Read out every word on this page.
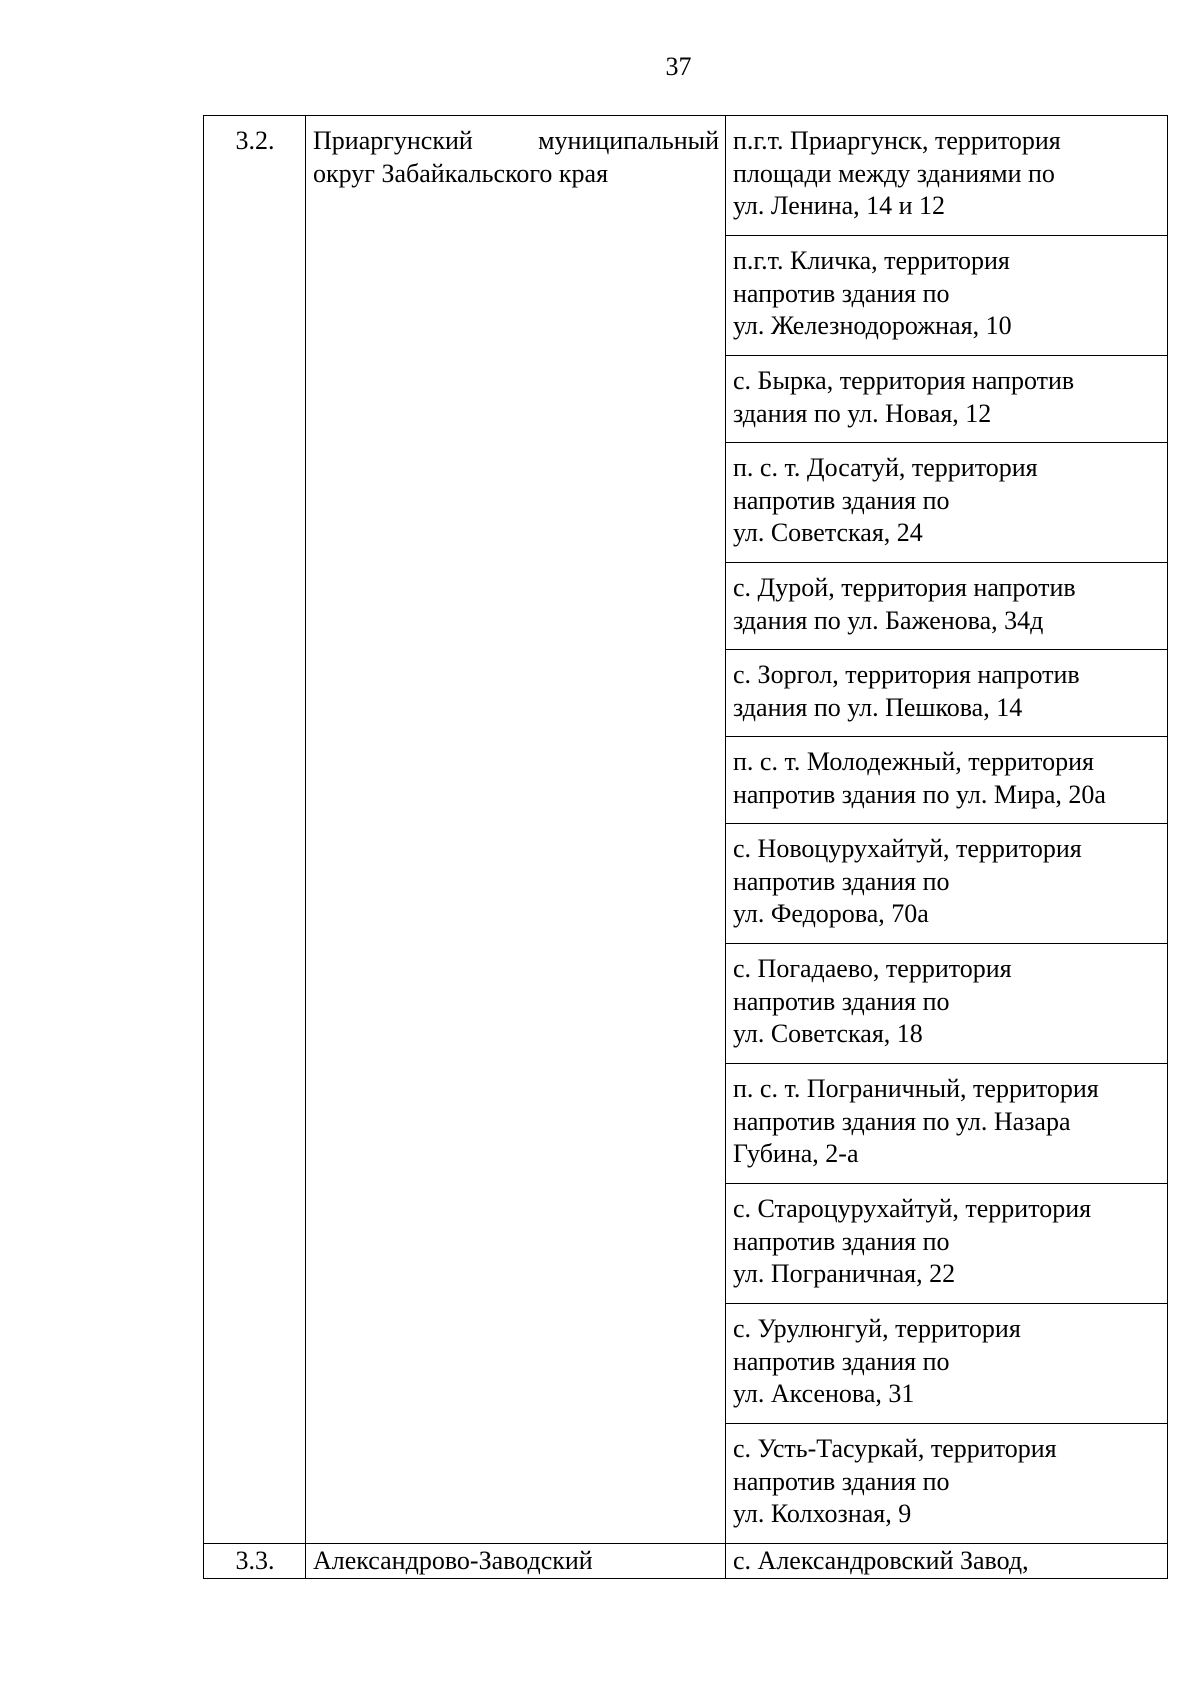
37
3.2.	Приаргунский муниципальный
округ Забайкальского края	п.г.т. Приаргунск, территория
площади между зданиями по
ул. Ленина, 14 и 12

		п.г.т. Кличка, территория
напротив здания по
ул. Железнодорожная, 10

		с. Бырка, территория напротив
здания по ул. Новая, 12

		п. с. т. Досатуй, территория
напротив здания по
ул. Советская, 24

		с. Дурой, территория напротив
здания по ул. Баженова, 34д

		с. Зоргол, территория напротив
здания по ул. Пешкова, 14

		п. с. т. Молодежный, территория
напротив здания по ул. Мира, 20а

		с. Новоцурухайтуй, территория
напротив здания по
ул. Федорова, 70а

		с. Погадаево, территория
напротив здания по
ул. Советская, 18

		п. с. т. Пограничный, территория
напротив здания по ул. Назара
Губина, 2-а

		с. Староцурухайтуй, территория
напротив здания по
ул. Пограничная, 22

		с. Урулюнгуй, территория
напротив здания по
ул. Аксенова, 31

		с. Усть-Тасуркай, территория
напротив здания по
ул. Колхозная, 9

3.3.	Александрово-Заводский	с. Александровский Завод,
